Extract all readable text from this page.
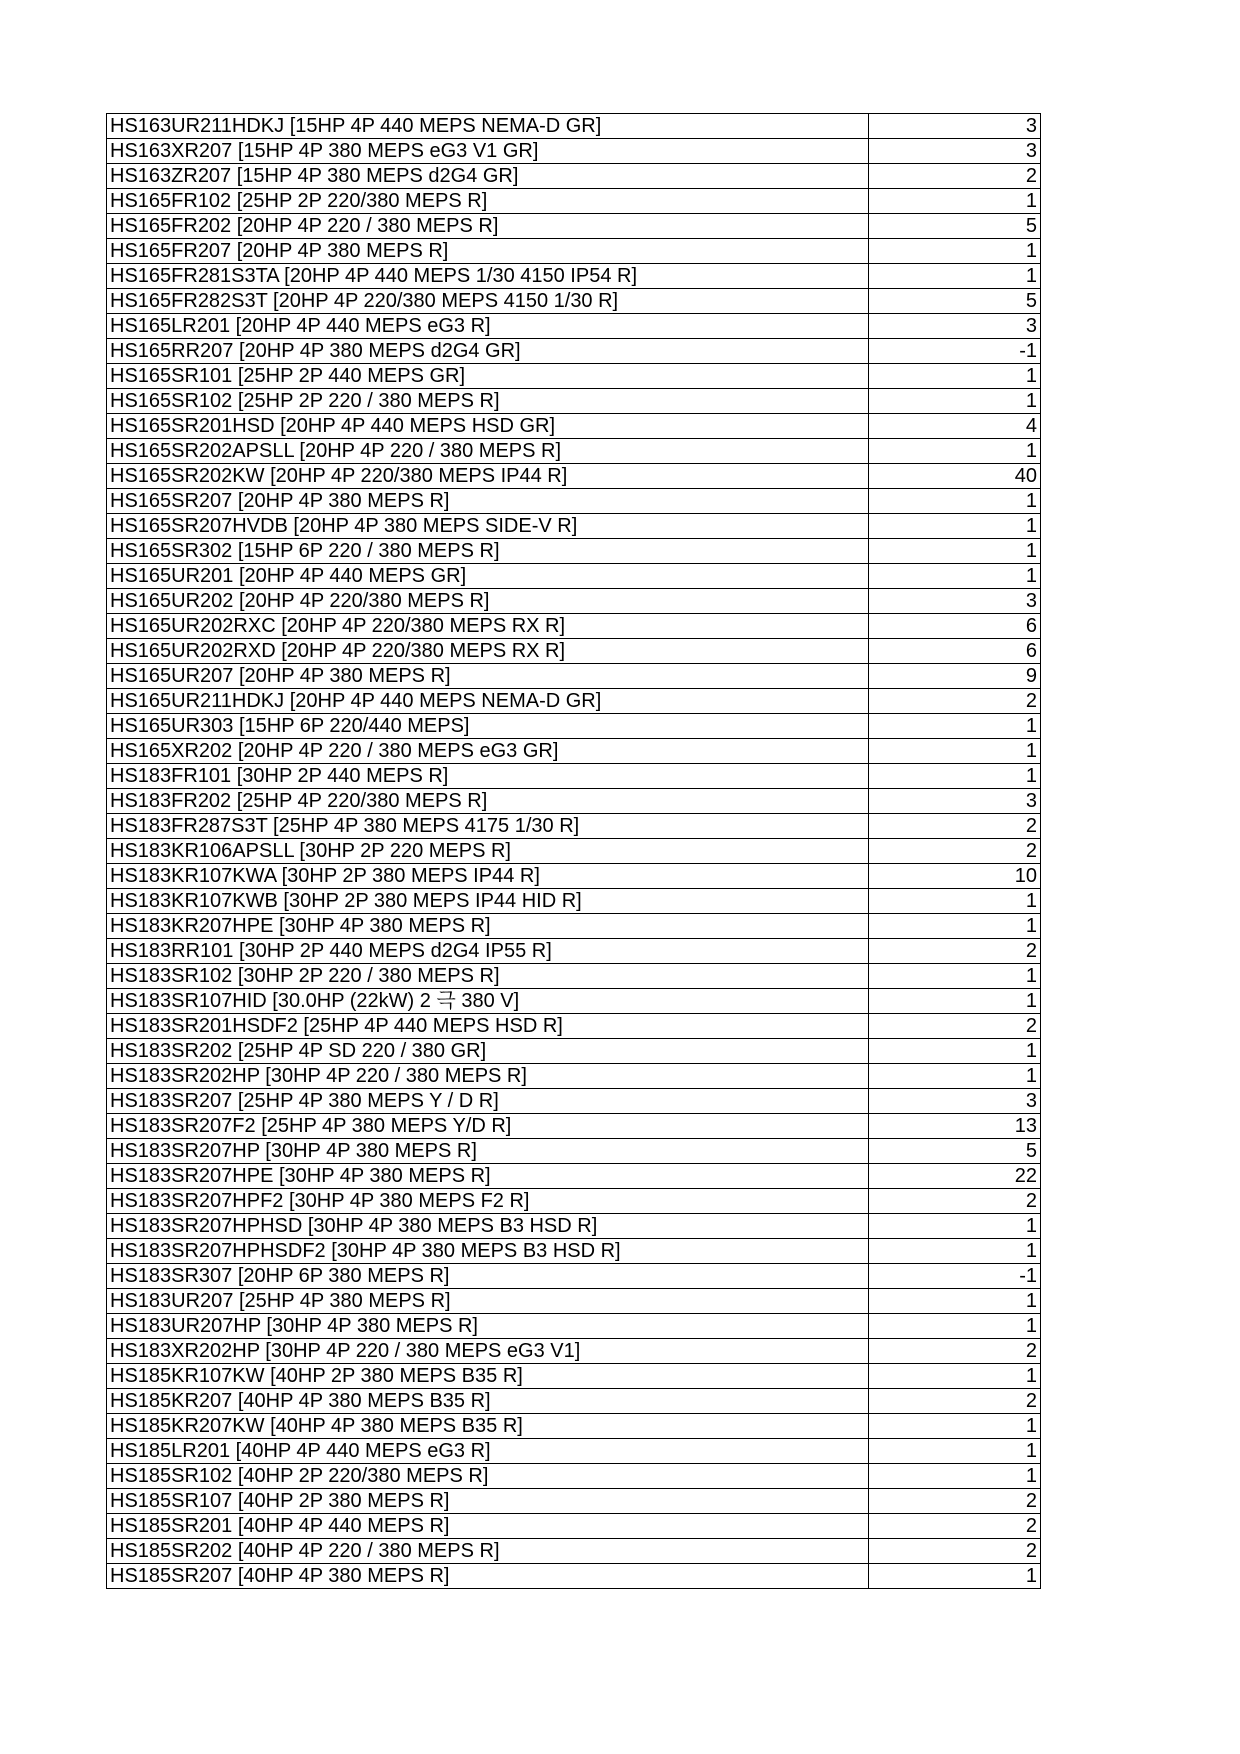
HS163UR211HDKJ [15HP 4P 440 MEPS NEMA-D GR]	3
HS163XR207 [15HP 4P 380 MEPS eG3 V1 GR]	3
HS163ZR207 [15HP 4P 380 MEPS d2G4 GR]	2
HS165FR102 [25HP 2P 220/380 MEPS R]	1
HS165FR202 [20HP 4P 220 / 380 MEPS R]	5
HS165FR207 [20HP 4P 380 MEPS R]	1
HS165FR281S3TA [20HP 4P 440 MEPS 1/30 4150 IP54 R]	1
HS165FR282S3T [20HP 4P 220/380 MEPS 4150 1/30 R]	5
HS165LR201 [20HP 4P 440 MEPS eG3 R]	3
HS165RR207 [20HP 4P 380 MEPS d2G4 GR]	-1
HS165SR101 [25HP 2P 440 MEPS GR]	1
HS165SR102 [25HP 2P 220 / 380 MEPS R]	1
HS165SR201HSD [20HP 4P 440 MEPS HSD GR]	4
HS165SR202APSLL [20HP 4P 220 / 380 MEPS R]	1
HS165SR202KW [20HP 4P 220/380 MEPS IP44 R]	40
HS165SR207 [20HP 4P 380 MEPS R]	1
HS165SR207HVDB [20HP 4P 380 MEPS SIDE-V R]	1
HS165SR302 [15HP 6P 220 / 380 MEPS R]	1
HS165UR201 [20HP 4P 440 MEPS GR]	1
HS165UR202 [20HP 4P 220/380 MEPS R]	3
HS165UR202RXC [20HP 4P 220/380 MEPS RX R]	6
HS165UR202RXD [20HP 4P 220/380 MEPS RX R]	6
HS165UR207 [20HP 4P 380 MEPS R]	9
HS165UR211HDKJ [20HP 4P 440 MEPS NEMA-D GR]	2
HS165UR303 [15HP 6P 220/440 MEPS]	1
HS165XR202 [20HP 4P 220 / 380 MEPS eG3 GR]	1
HS183FR101 [30HP 2P 440 MEPS R]	1
HS183FR202 [25HP 4P 220/380 MEPS R]	3
HS183FR287S3T [25HP 4P 380 MEPS 4175 1/30 R]	2
HS183KR106APSLL [30HP 2P 220 MEPS R]	2
HS183KR107KWA [30HP 2P 380 MEPS IP44 R]	10
HS183KR107KWB [30HP 2P 380 MEPS IP44 HID R]	1
HS183KR207HPE [30HP 4P 380 MEPS R]	1
HS183RR101 [30HP 2P 440 MEPS d2G4 IP55 R]	2
HS183SR102 [30HP 2P 220 / 380 MEPS R]	1
HS183SR107HID [30.0HP (22kW) 2 극 380 V]	1
HS183SR201HSDF2 [25HP 4P 440 MEPS HSD R]	2
HS183SR202 [25HP 4P SD 220 / 380 GR]	1
HS183SR202HP [30HP 4P 220 / 380 MEPS R]	1
HS183SR207 [25HP 4P 380 MEPS Y / D R]	3
HS183SR207F2 [25HP 4P 380 MEPS Y/D R]	13
HS183SR207HP [30HP 4P 380 MEPS R]	5
HS183SR207HPE [30HP 4P 380 MEPS R]	22
HS183SR207HPF2 [30HP 4P 380 MEPS F2 R]	2
HS183SR207HPHSD [30HP 4P 380 MEPS B3 HSD R]	1
HS183SR207HPHSDF2 [30HP 4P 380 MEPS B3 HSD R]	1
HS183SR307 [20HP 6P 380 MEPS R]	-1
HS183UR207 [25HP 4P 380 MEPS R]	1
HS183UR207HP [30HP 4P 380 MEPS R]	1
HS183XR202HP [30HP 4P 220 / 380 MEPS eG3 V1]	2
HS185KR107KW [40HP 2P 380 MEPS B35 R]	1
HS185KR207 [40HP 4P 380 MEPS B35 R]	2
HS185KR207KW [40HP 4P 380 MEPS B35 R]	1
HS185LR201 [40HP 4P 440 MEPS eG3 R]	1
HS185SR102 [40HP 2P 220/380 MEPS R]	1
HS185SR107 [40HP 2P 380 MEPS R]	2
HS185SR201 [40HP 4P 440 MEPS R]	2
HS185SR202 [40HP 4P 220 / 380 MEPS R]	2
HS185SR207 [40HP 4P 380 MEPS R]	1
